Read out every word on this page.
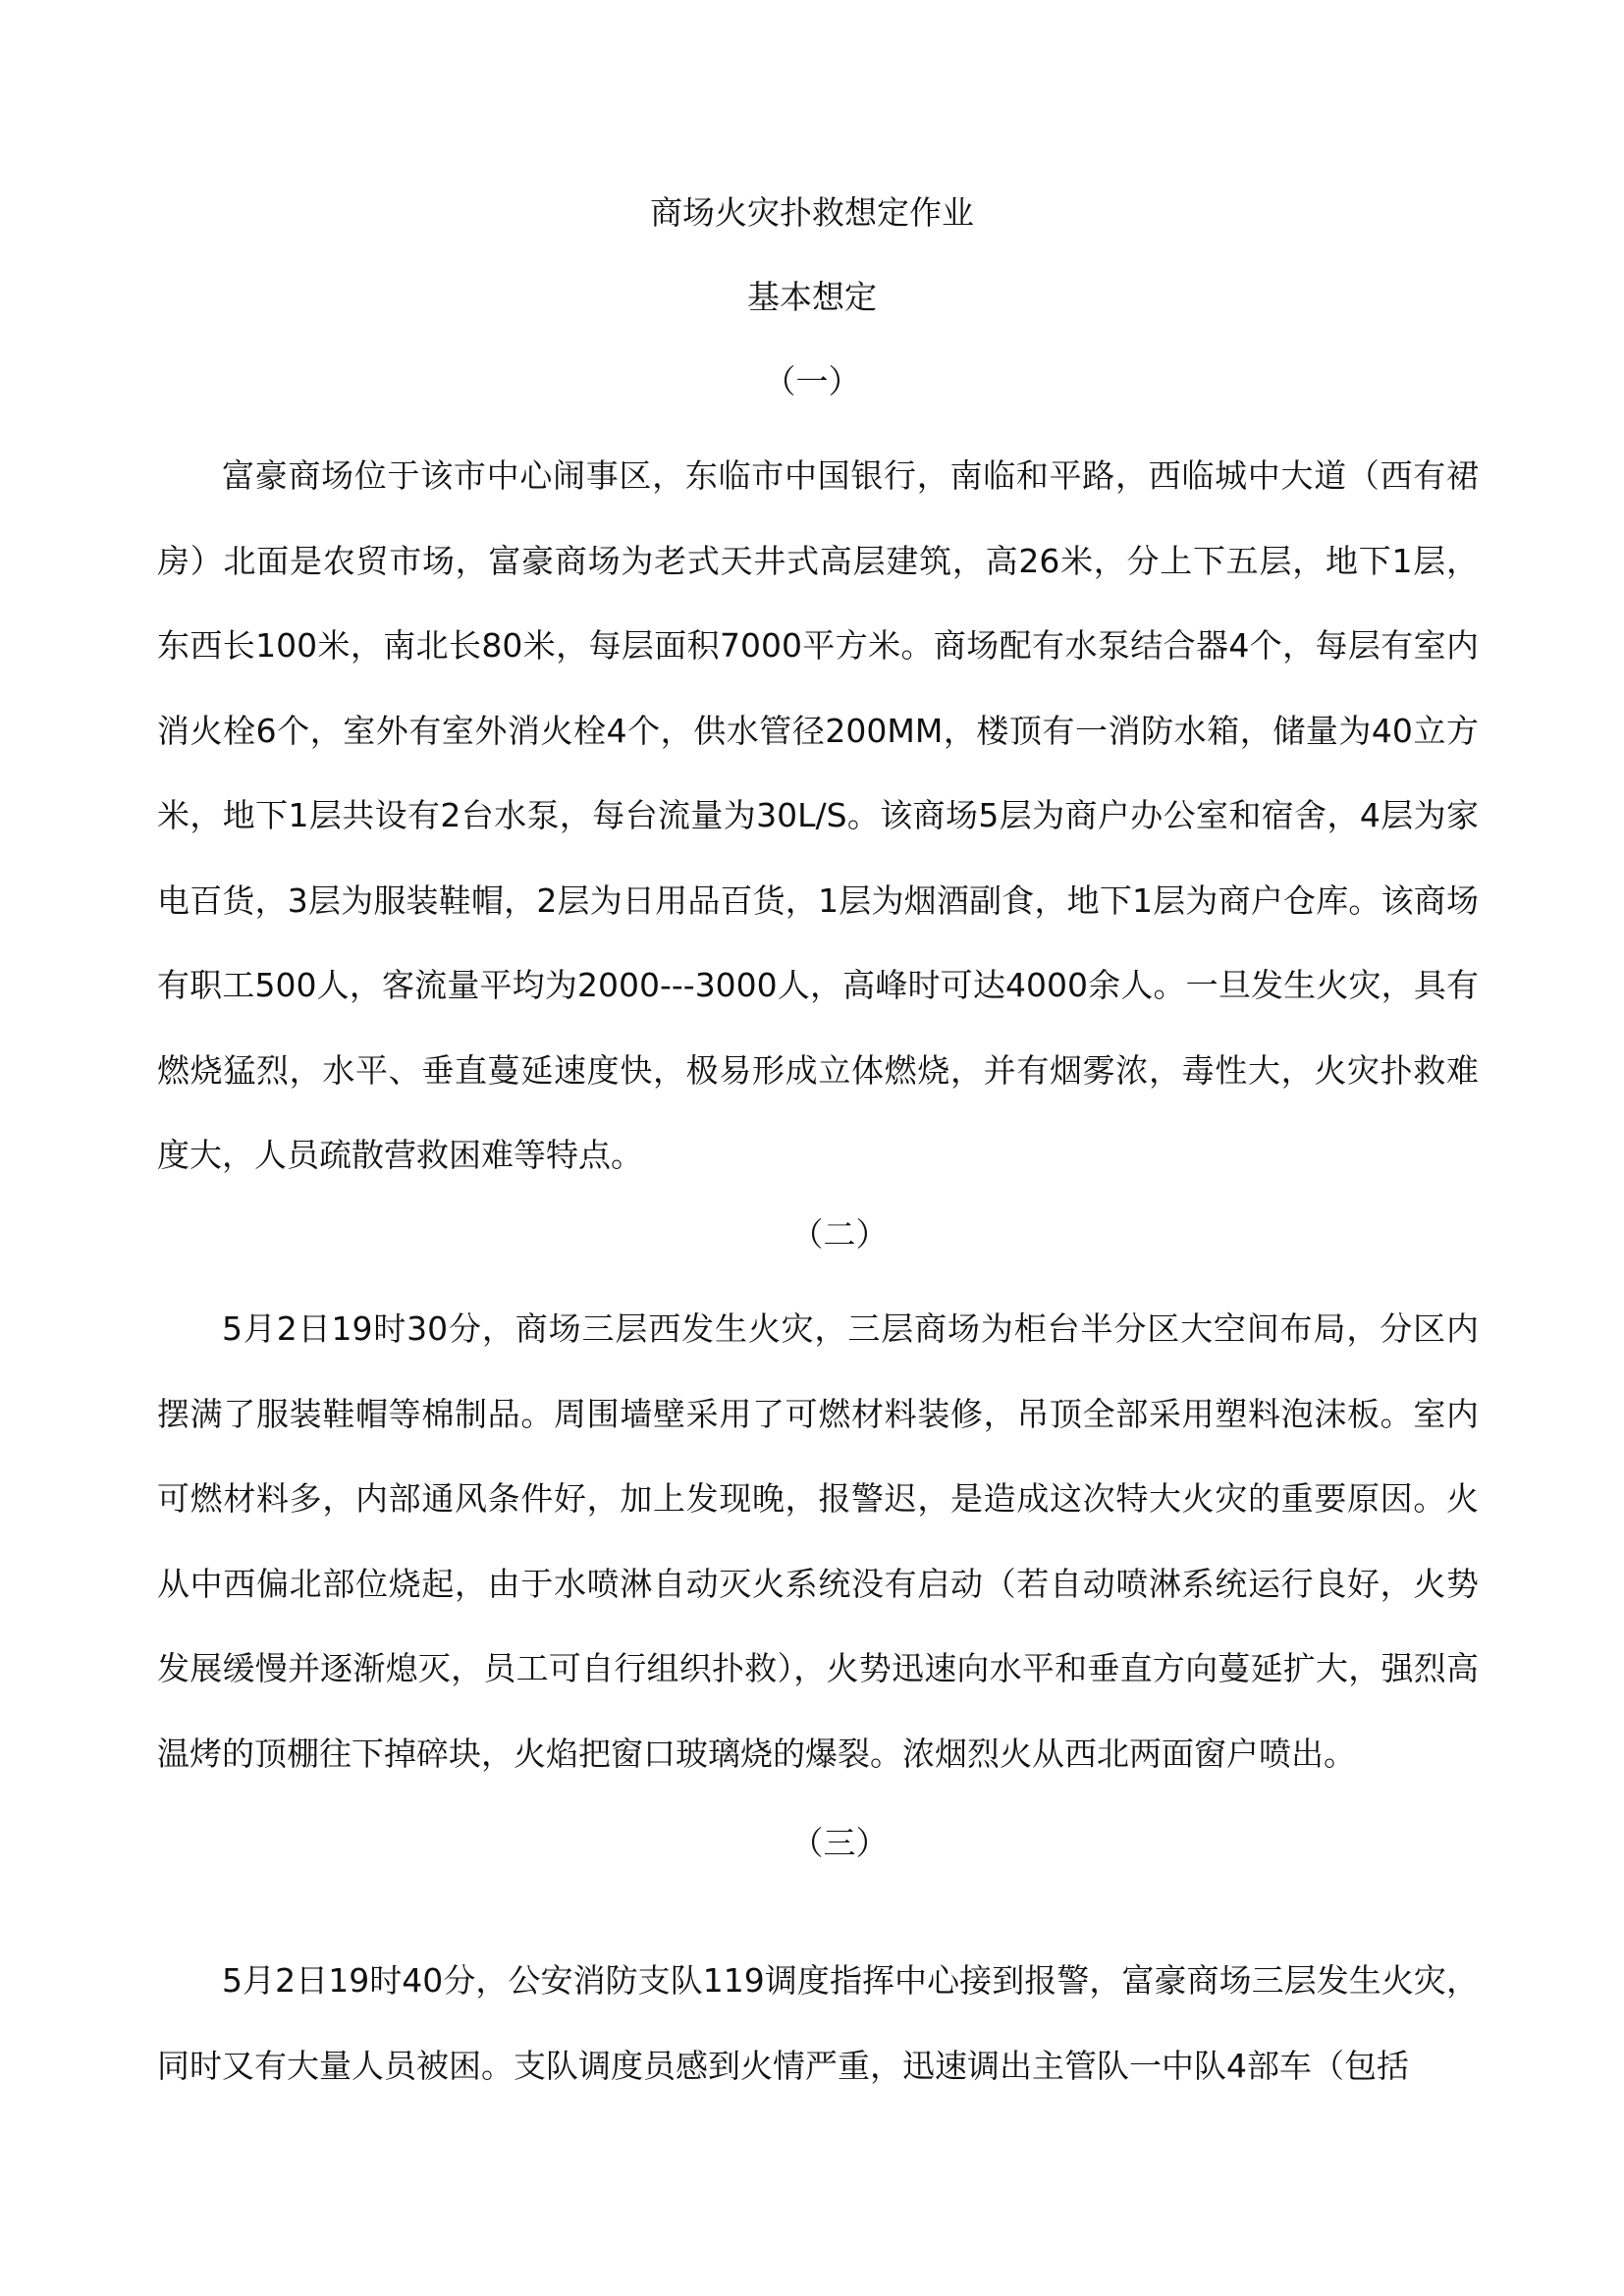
商场火灾扑救想定作业
基本想定
（一）

富豪商场位于该市中心闹事区，东临市中国银行，南临和平路，西临城中大道（西有裙房）北面是农贸市场，富豪商场为老式天井式高层建筑，高26米，分上下五层，地下1层，东西长100米，南北长80米，每层面积7000平方米。商场配有水泵结合器4个，每层有室内消火栓6个，室外有室外消火栓4个，供水管径200MM，楼顶有一消防水箱，储量为40立方米，地下1层共设有2台水泵，每台流量为30L/S。该商场5层为商户办公室和宿舍，4层为家电百货，3层为服装鞋帽，2层为日用品百货，1层为烟酒副食，地下1层为商户仓库。该商场有职工500人，客流量平均为2000---3000人，高峰时可达4000余人。一旦发生火灾，具有燃烧猛烈，水平、垂直蔓延速度快，极易形成立体燃烧，并有烟雾浓，毒性大，火灾扑救难度大，人员疏散营救困难等特点。

（二）

5月2日19时30分，商场三层西发生火灾，三层商场为柜台半分区大空间布局，分区内摆满了服装鞋帽等棉制品。周围墙壁采用了可燃材料装修，吊顶全部采用塑料泡沫板。室内可燃材料多，内部通风条件好，加上发现晚，报警迟，是造成这次特大火灾的重要原因。火从中西偏北部位烧起，由于水喷淋自动灭火系统没有启动（若自动喷淋系统运行良好，火势发展缓慢并逐渐熄灭，员工可自行组织扑救），火势迅速向水平和垂直方向蔓延扩大，强烈高温烤的顶棚往下掉碎块，火焰把窗口玻璃烧的爆裂。浓烟烈火从西北两面窗户喷出。

（三）

5月2日19时40分，公安消防支队119调度指挥中心接到报警，富豪商场三层发生火灾，同时又有大量人员被困。支队调度员感到火情严重，迅速调出主管队一中队4部车（包括
